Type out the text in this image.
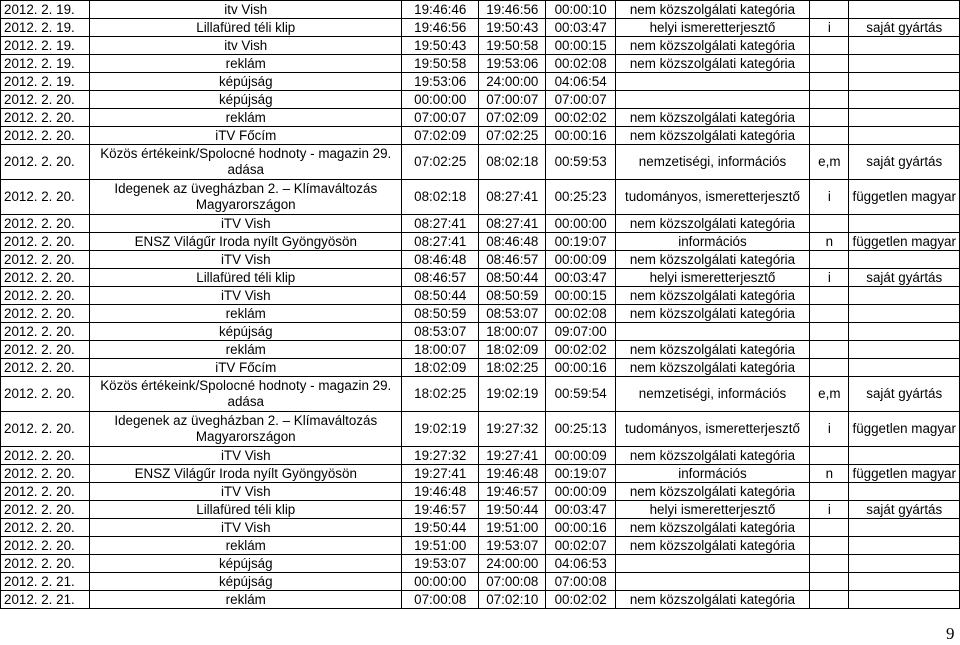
2012. 2. 19.	itv Vish	19:46:46	19:46:56	00:00:10	nem közszolgálati kategória		
2012. 2. 19.	Lillafüred téli klip	19:46:56	19:50:43	00:03:47	helyi ismeretterjesztő	i	saját gyártás
2012. 2. 19.	itv Vish	19:50:43	19:50:58	00:00:15	nem közszolgálati kategória		
2012. 2. 19.	reklám	19:50:58	19:53:06	00:02:08	nem közszolgálati kategória		
2012. 2. 19.	képújság	19:53:06	24:00:00	04:06:54			
2012. 2. 20.	képújság	00:00:00	07:00:07	07:00:07			
2012. 2. 20.	reklám	07:00:07	07:02:09	00:02:02	nem közszolgálati kategória		
2012. 2. 20.	iTV Főcím	07:02:09	07:02:25	00:00:16	nem közszolgálati kategória		
2012. 2. 20.	Közös értékeink/Spolocné hodnoty - magazin 29. adása	07:02:25	08:02:18	00:59:53	nemzetiségi, információs	e,m	saját gyártás
2012. 2. 20.	Idegenek az üvegházban 2. – Klímaváltozás Magyarországon	08:02:18	08:27:41	00:25:23	tudományos, ismeretterjesztő	i	független magyar
2012. 2. 20.	iTV Vish	08:27:41	08:27:41	00:00:00	nem közszolgálati kategória		
2012. 2. 20.	ENSZ Világűr Iroda nyílt Gyöngyösön	08:27:41	08:46:48	00:19:07	információs	n	független magyar
2012. 2. 20.	iTV Vish	08:46:48	08:46:57	00:00:09	nem közszolgálati kategória		
2012. 2. 20.	Lillafüred téli klip	08:46:57	08:50:44	00:03:47	helyi ismeretterjesztő	i	saját gyártás
2012. 2. 20.	iTV Vish	08:50:44	08:50:59	00:00:15	nem közszolgálati kategória		
2012. 2. 20.	reklám	08:50:59	08:53:07	00:02:08	nem közszolgálati kategória		
2012. 2. 20.	képújság	08:53:07	18:00:07	09:07:00			
2012. 2. 20.	reklám	18:00:07	18:02:09	00:02:02	nem közszolgálati kategória		
2012. 2. 20.	iTV Főcím	18:02:09	18:02:25	00:00:16	nem közszolgálati kategória		
2012. 2. 20.	Közös értékeink/Spolocné hodnoty - magazin 29. adása	18:02:25	19:02:19	00:59:54	nemzetiségi, információs	e,m	saját gyártás
2012. 2. 20.	Idegenek az üvegházban 2. – Klímaváltozás Magyarországon	19:02:19	19:27:32	00:25:13	tudományos, ismeretterjesztő	i	független magyar
2012. 2. 20.	iTV Vish	19:27:32	19:27:41	00:00:09	nem közszolgálati kategória		
2012. 2. 20.	ENSZ Világűr Iroda nyílt Gyöngyösön	19:27:41	19:46:48	00:19:07	információs	n	független magyar
2012. 2. 20.	iTV Vish	19:46:48	19:46:57	00:00:09	nem közszolgálati kategória		
2012. 2. 20.	Lillafüred téli klip	19:46:57	19:50:44	00:03:47	helyi ismeretterjesztő	i	saját gyártás
2012. 2. 20.	iTV Vish	19:50:44	19:51:00	00:00:16	nem közszolgálati kategória		
2012. 2. 20.	reklám	19:51:00	19:53:07	00:02:07	nem közszolgálati kategória		
2012. 2. 20.	képújság	19:53:07	24:00:00	04:06:53			
2012. 2. 21.	képújság	00:00:00	07:00:08	07:00:08			
2012. 2. 21.	reklám	07:00:08	07:02:10	00:02:02	nem közszolgálati kategória		
9
